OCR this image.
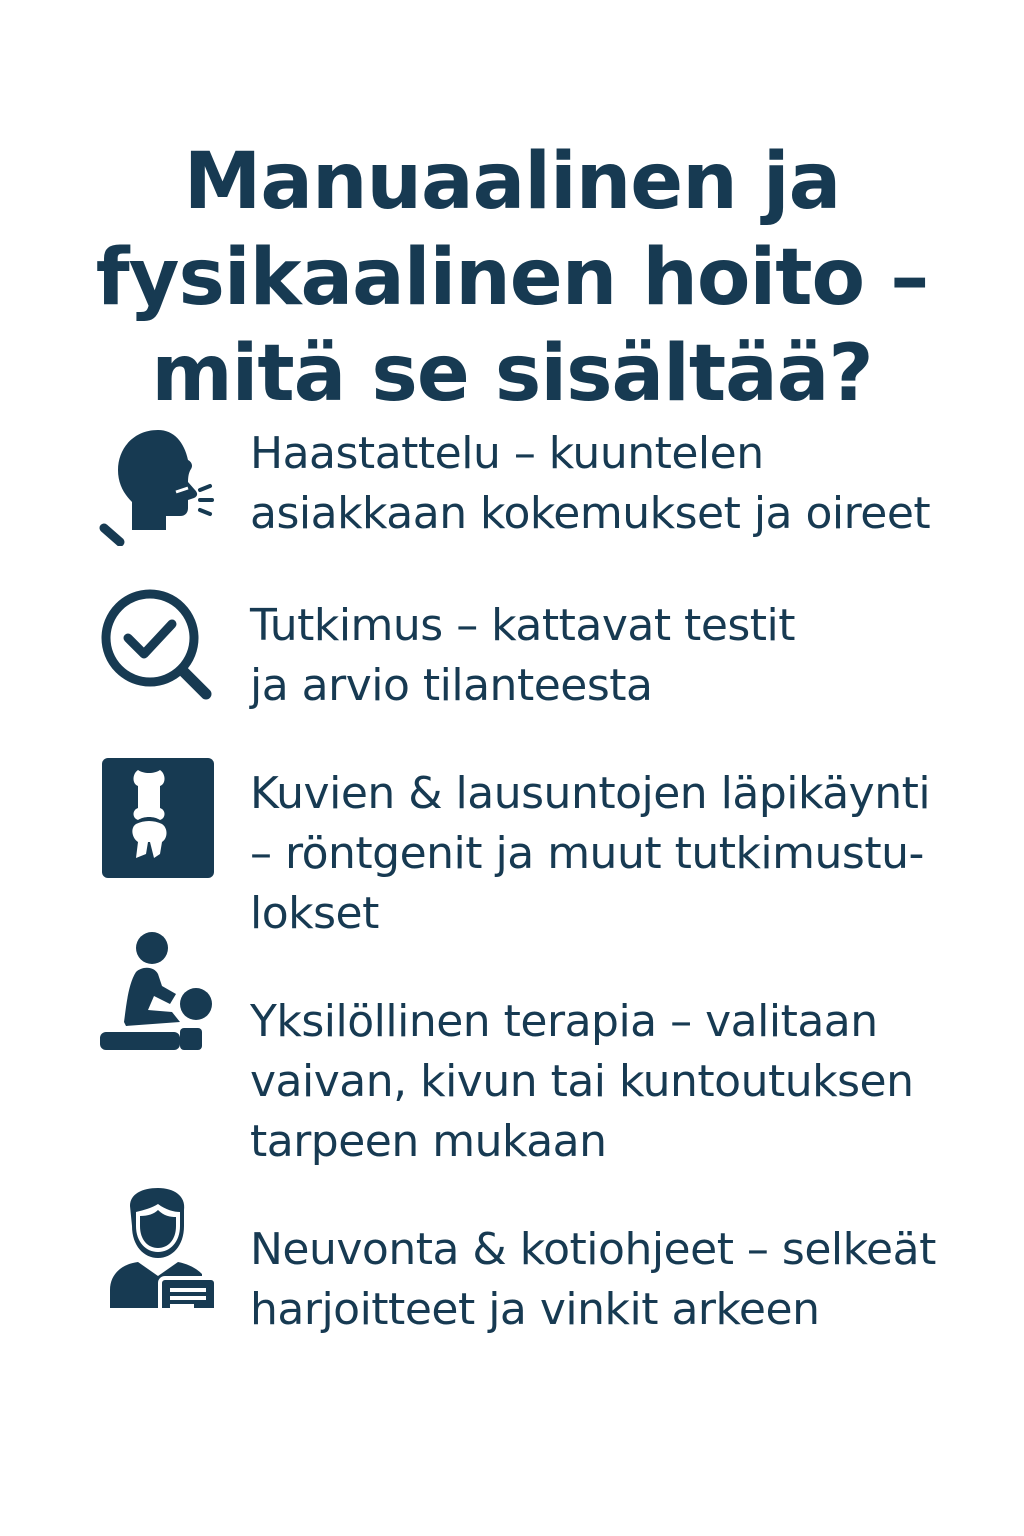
Manuaalinen ja
fysikaalinen hoito –
mitä se sisältää?
Haastattelu – kuuntelen
asiakkaan kokemukset ja oireet
Tutkimus – kattavat testit
ja arvio tilanteesta
Kuvien & lausuntojen läpikäynti
– röntgenit ja muut tutkimustu-
lokset
Yksilöllinen terapia – valitaan
vaivan, kivun tai kuntoutuksen
tarpeen mukaan
Neuvonta & kotiohjeet – selkeät
harjoitteet ja vinkit arkeen
